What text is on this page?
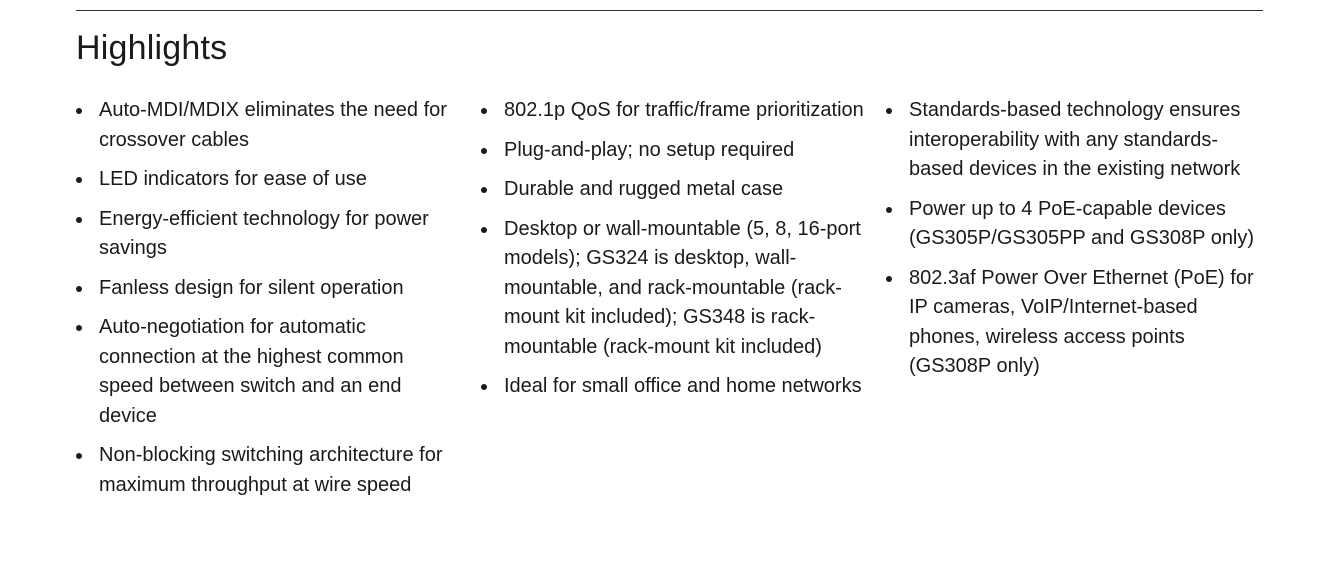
Highlights
Auto-MDI/MDIX eliminates the need for crossover cables
LED indicators for ease of use
Energy-efficient technology for power savings
Fanless design for silent operation
Auto-negotiation for automatic connection at the highest common speed between switch and an end device
Non-blocking switching architecture for maximum throughput at wire speed
802.1p QoS for traffic/frame prioritization
Plug-and-play; no setup required
Durable and rugged metal case
Desktop or wall-mountable (5, 8, 16-port models); GS324 is desktop, wall-mountable, and rack-mountable (rack-mount kit included); GS348 is rack-mountable (rack-mount kit included)
Ideal for small office and home networks
Standards-based technology ensures interoperability with any standards-based devices in the existing network
Power up to 4 PoE-capable devices (GS305P/GS305PP and GS308P only)
802.3af Power Over Ethernet (PoE) for IP cameras, VoIP/Internet-based phones, wireless access points (GS308P only)
